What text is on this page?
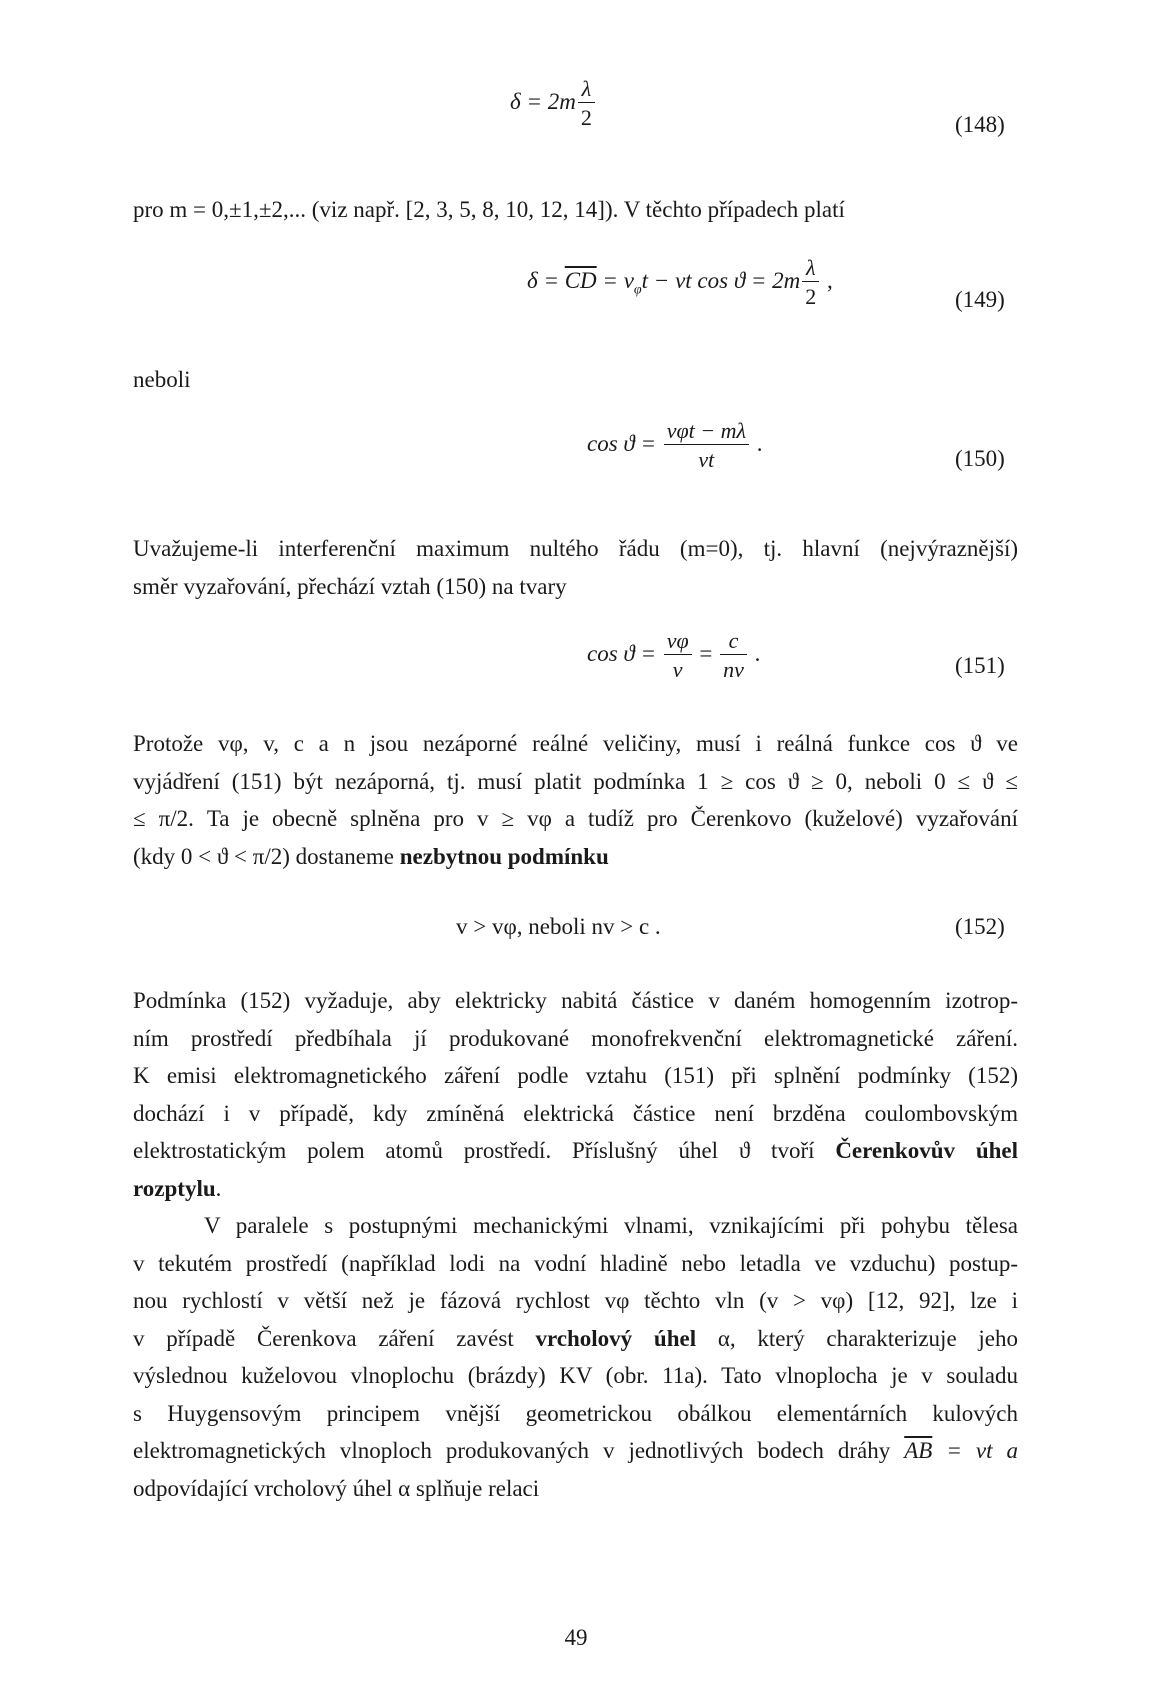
$\delta = 2m \frac{\lambda}{2}$	(148)
pro m = 0,±1,±2,... (viz např. [2, 3, 5, 8, 10, 12, 14]). V těchto případech platí
$\delta = \overline{CD} = v_\varphi t$ − vt $\cos ϑ = 2m \frac{\lambda}{2}$ ,
(149)
neboli
$\cos ϑ = \frac{\text{vφt − mλ}}{vt}$ .
(150)
Uvažujeme-li interferenční maximum nultého řádu (m=0), tj. hlavní (nejvýraznější)
směr vyzařování, přechází vztah (150) na tvary
$\cos ϑ = \frac{v\varphi}{v} = \frac{c}{nv}$ .	(151)
Protože vφ, v, c a n jsou nezáporné reálné veličiny, musí i reálná funkce cos ϑ ve
vyjádření (151) být nezáporná, tj. musí platit podmínka 1 ≥ cos ϑ ≥ 0, neboli 0 ≤ ϑ ≤
≤ π/2. Ta je obecně splněna pro v ≥ vφ a tudíž pro Čerenkovo (kuželové) vyzařování
(kdy 0 < ϑ < π/2) dostaneme nezbytnou podmínku
v > vφ, neboli nv > c .	(152)
Podmínka (152) vyžaduje, aby elektricky nabitá částice v daném homogenním izotrop-
ním prostředí předbíhala jí produkované monofrekvenční elektromagnetické záření.
K emisi elektromagnetického záření podle vztahu (151) při splnění podmínky (152)
dochází i v případě, kdy zmíněná elektrická částice není brzděna coulombovským
elektrostatickým polem atomů prostředí. Příslušný úhel ϑ tvoří Čerenkovův úhel
rozptylu.
V paralele s postupnými mechanickými vlnami, vznikajícími při pohybu tělesa
v tekutém prostředí (například lodi na vodní hladině nebo letadla ve vzduchu) postup-
nou rychlostí v větší než je fázová rychlost vφ těchto vln (v > vφ) [12, 92], lze i
v případě Čerenkova záření zavést vrcholový úhel α, který charakterizuje jeho
výslednou kuželovou vlnoplochu (brázdy) KV (obr. 11a). Tato vlnoplocha je v souladu
s Huygensovým principem vnější geometrickou obálkou elementárních kulových
elektromagnetických vlnoploch produkovaných v jednotlivých bodech dráhy $\overline{AB}$ = vt a
odpovídající vrcholový úhel α splňuje relaci
49
